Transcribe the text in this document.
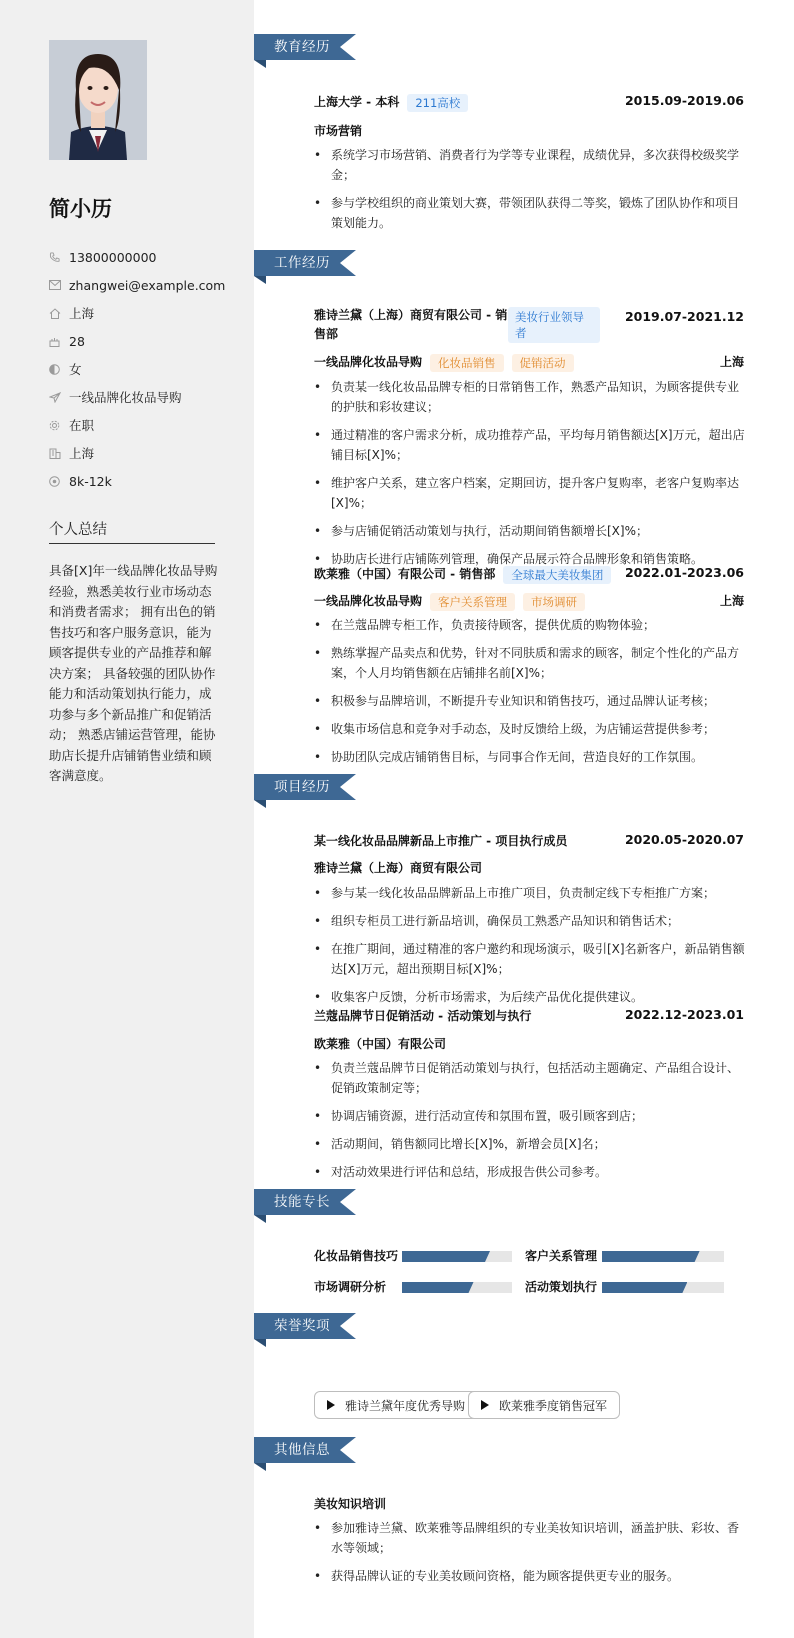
简小历
13800000000
zhangwei@example.com
上海
28
女
一线品牌化妆品导购
在职
上海
8k-12k
个人总结
具备[X]年一线品牌化妆品导购经验，熟悉美妆行业市场动态和消费者需求； 拥有出色的销售技巧和客户服务意识，能为顾客提供专业的产品推荐和解决方案； 具备较强的团队协作能力和活动策划执行能力，成功参与多个新品推广和促销活动； 熟悉店铺运营管理，能协助店长提升店铺销售业绩和顾客满意度。
教育经历
上海大学 - 本科 211高校	2015.09-2019.06
市场营销
• 系统学习市场营销、消费者行为学等专业课程，成绩优异，多次获得校级奖学金；
• 参与学校组织的商业策划大赛，带领团队获得二等奖，锻炼了团队协作和项目策划能力。
工作经历
雅诗兰黛（上海）商贸有限公司 - 销售部
美妆行业领导者
2019.07-2021.12
一线品牌化妆品导购 化妆品销售 促销活动	上海
• 负责某一线化妆品品牌专柜的日常销售工作，熟悉产品知识，为顾客提供专业的护肤和彩妆建议；
• 通过精准的客户需求分析，成功推荐产品，平均每月销售额达[X]万元，超出店铺目标[X]%；
• 维护客户关系，建立客户档案，定期回访，提升客户复购率，老客户复购率达[X]%；
• 参与店铺促销活动策划与执行，活动期间销售额增长[X]%；
• 协助店长进行店铺陈列管理，确保产品展示符合品牌形象和销售策略。
欧莱雅（中国）有限公司 - 销售部 全球最大美妆集团	2022.01-2023.06
一线品牌化妆品导购 客户关系管理 市场调研	上海
• 在兰蔻品牌专柜工作，负责接待顾客，提供优质的购物体验；
• 熟练掌握产品卖点和优势，针对不同肤质和需求的顾客，制定个性化的产品方案，个人月均销售额在店铺排名前[X]%；
• 积极参与品牌培训，不断提升专业知识和销售技巧，通过品牌认证考核；
• 收集市场信息和竞争对手动态，及时反馈给上级，为店铺运营提供参考；
• 协助团队完成店铺销售目标，与同事合作无间，营造良好的工作氛围。
项目经历
某一线化妆品品牌新品上市推广 - 项目执行成员	2020.05-2020.07
雅诗兰黛（上海）商贸有限公司
• 参与某一线化妆品品牌新品上市推广项目，负责制定线下专柜推广方案；
• 组织专柜员工进行新品培训，确保员工熟悉产品知识和销售话术；
• 在推广期间，通过精准的客户邀约和现场演示，吸引[X]名新客户，新品销售额达[X]万元，超出预期目标[X]%；
• 收集客户反馈，分析市场需求，为后续产品优化提供建议。
兰蔻品牌节日促销活动 - 活动策划与执行	2022.12-2023.01
欧莱雅（中国）有限公司
• 负责兰蔻品牌节日促销活动策划与执行，包括活动主题确定、产品组合设计、促销政策制定等；
• 协调店铺资源，进行活动宣传和氛围布置，吸引顾客到店；
• 活动期间，销售额同比增长[X]%，新增会员[X]名；
• 对活动效果进行评估和总结，形成报告供公司参考。
技能专长
化妆品销售技巧	客户关系管理
市场调研分析	活动策划执行
荣誉奖项
雅诗兰黛年度优秀导购	欧莱雅季度销售冠军
其他信息
美妆知识培训
• 参加雅诗兰黛、欧莱雅等品牌组织的专业美妆知识培训，涵盖护肤、彩妆、香水等领域；
• 获得品牌认证的专业美妆顾问资格，能为顾客提供更专业的服务。
